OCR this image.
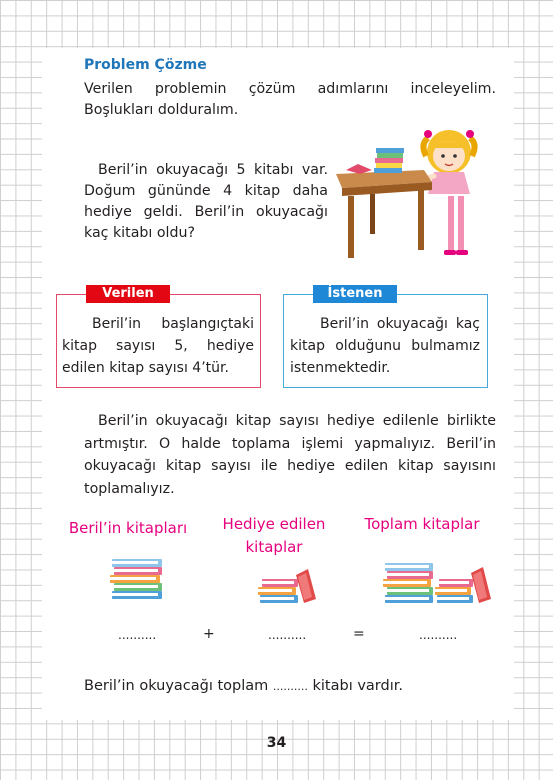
Problem Çözme
Verilen problemin çözüm adımlarını inceleyelim.
Boşlukları dolduralım.
Beril’in okuyacağı 5 kitabı var. Doğum gününde 4 kitap daha hediye geldi. Beril’in okuyacağı kaç kitabı oldu?
Verilen
Beril’in başlangıçtaki kitap sayısı 5, hediye edilen kitap sayısı 4’tür.
İstenen
Beril’in okuyacağı kaç kitap olduğunu bulmamız istenmektedir.
Beril’in okuyacağı kitap sayısı hediye edilenle birlikte artmıştır. O halde toplama işlemi yapmalıyız. Beril’in okuyacağı kitap sayısı ile hediye edilen kitap sayısını toplamalıyız.
Beril’in kitapları	Hediye edilen kitaplar
Toplam kitaplar
..........	+	..........	=	..........
Beril’in okuyacağı toplam .......... kitabı vardır.
34
